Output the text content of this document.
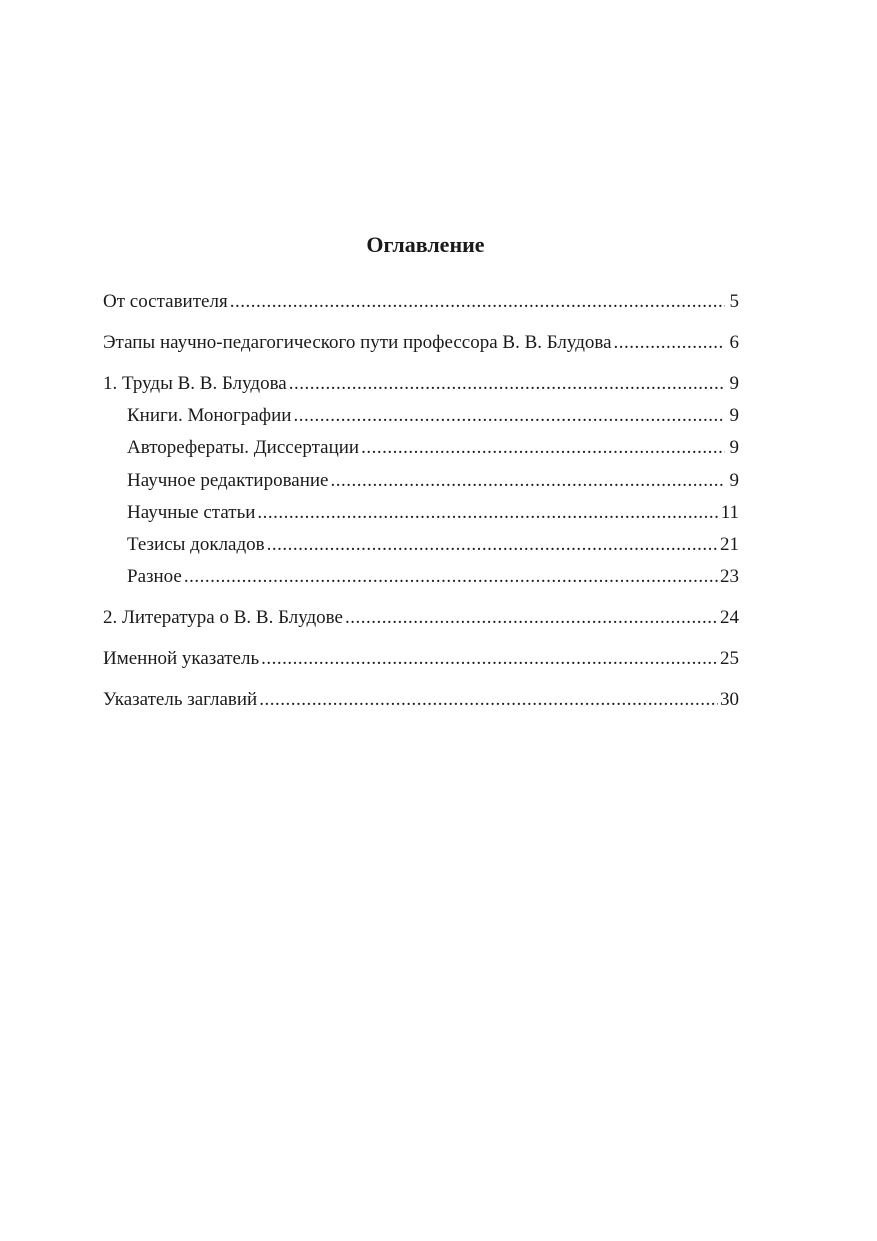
Оглавление
От составителя .....	5
Этапы научно-педагогического пути профессора В. В. Блудова .....	6
1. Труды В. В. Блудова .....	9
Книги. Монографии .....	9
Авторефераты. Диссертации .....	9
Научное редактирование .....	9
Научные статьи .....	11
Тезисы докладов .....	21
Разное .....	23
2. Литература о В. В. Блудове .....	24
Именной указатель .....	25
Указатель заглавий .....	30
